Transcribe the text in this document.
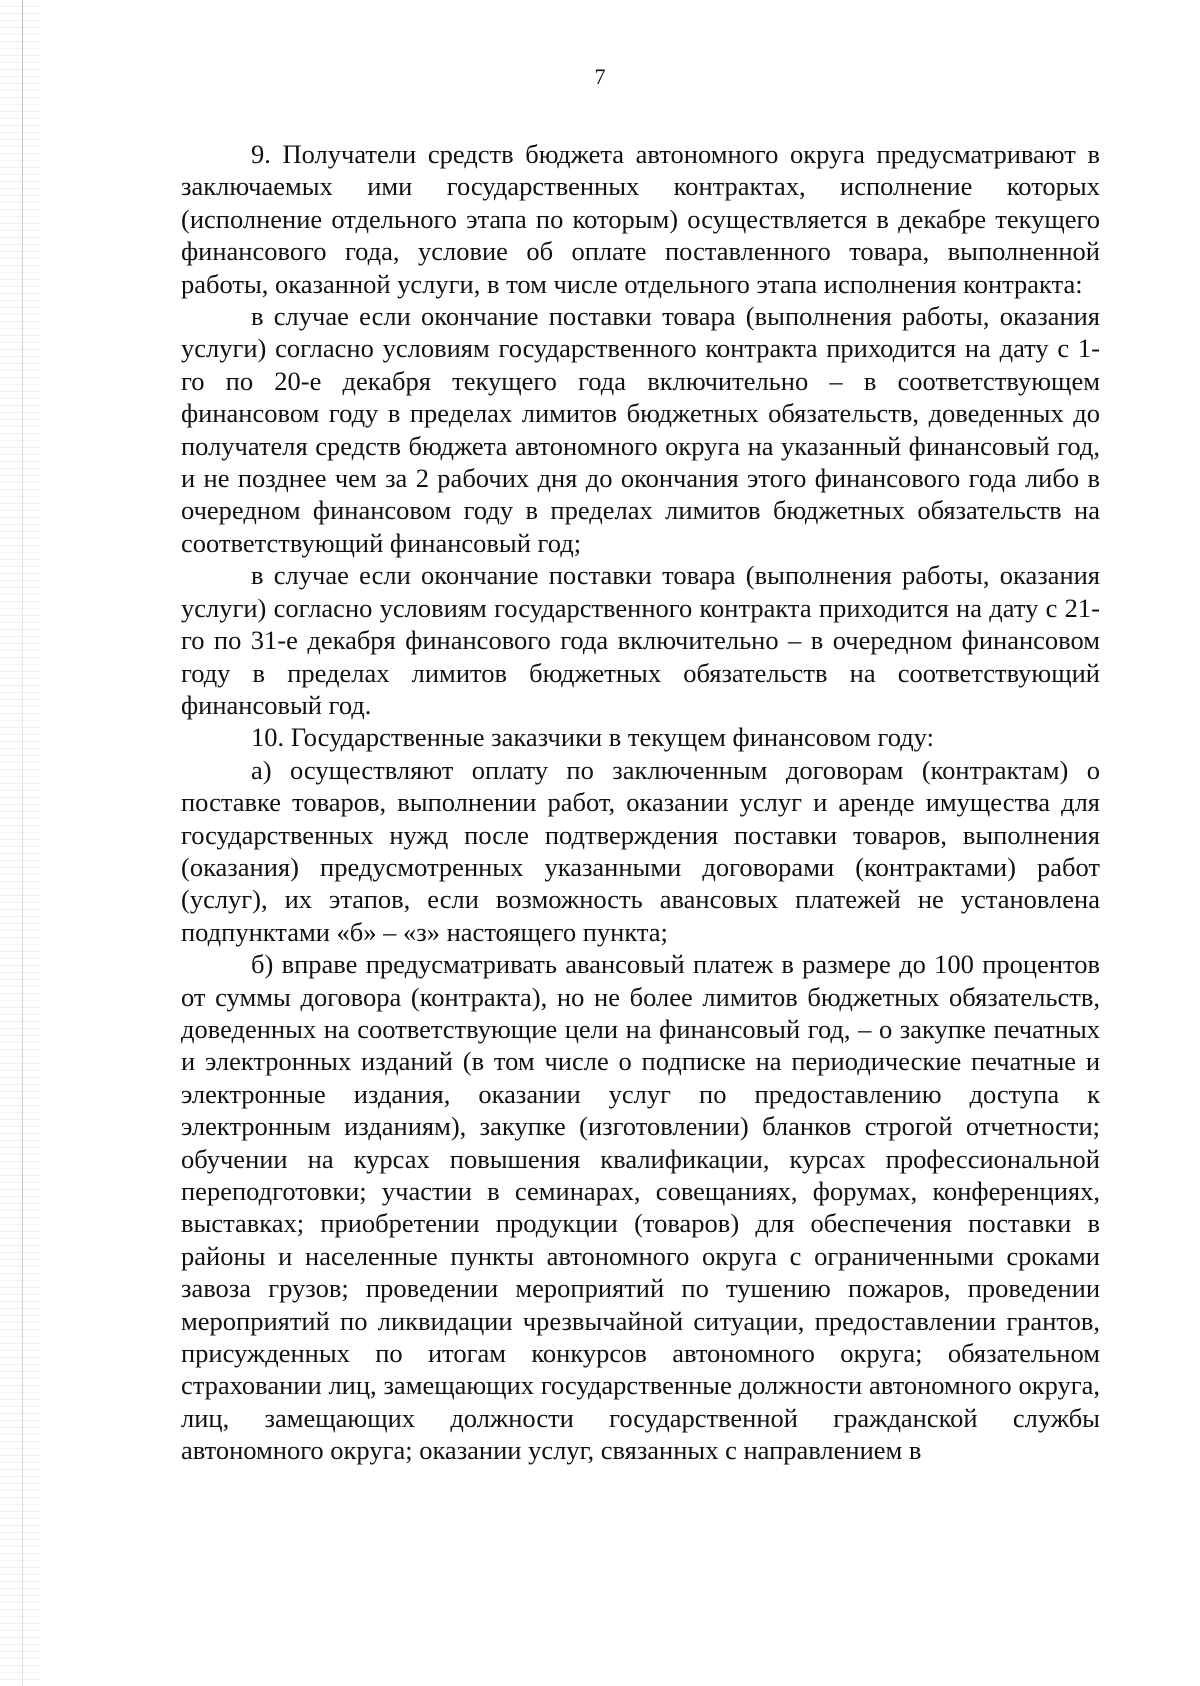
7

9. Получатели средств бюджета автономного округа предусматривают в заключаемых ими государственных контрактах, исполнение которых (исполнение отдельного этапа по которым) осуществляется в декабре текущего финансового года, условие об оплате поставленного товара, выполненной работы, оказанной услуги, в том числе отдельного этапа исполнения контракта:

в случае если окончание поставки товара (выполнения работы, оказания услуги) согласно условиям государственного контракта приходится на дату с 1-го по 20-е декабря текущего года включительно – в соответствующем финансовом году в пределах лимитов бюджетных обязательств, доведенных до получателя средств бюджета автономного округа на указанный финансовый год, и не позднее чем за 2 рабочих дня до окончания этого финансового года либо в очередном финансовом году в пределах лимитов бюджетных обязательств на соответствующий финансовый год;

в случае если окончание поставки товара (выполнения работы, оказания услуги) согласно условиям государственного контракта приходится на дату с 21-го по 31-е декабря финансового года включительно – в очередном финансовом году в пределах лимитов бюджетных обязательств на соответствующий финансовый год.

10. Государственные заказчики в текущем финансовом году:

а) осуществляют оплату по заключенным договорам (контрактам) о поставке товаров, выполнении работ, оказании услуг и аренде имущества для государственных нужд после подтверждения поставки товаров, выполнения (оказания) предусмотренных указанными договорами (контрактами) работ (услуг), их этапов, если возможность авансовых платежей не установлена подпунктами «б» – «з» настоящего пункта;

б) вправе предусматривать авансовый платеж в размере до 100 процентов от суммы договора (контракта), но не более лимитов бюджетных обязательств, доведенных на соответствующие цели на финансовый год, – о закупке печатных и электронных изданий (в том числе о подписке на периодические печатные и электронные издания, оказании услуг по предоставлению доступа к электронным изданиям), закупке (изготовлении) бланков строгой отчетности; обучении на курсах повышения квалификации, курсах профессиональной переподготовки; участии в семинарах, совещаниях, форумах, конференциях, выставках; приобретении продукции (товаров) для обеспечения поставки в районы и населенные пункты автономного округа с ограниченными сроками завоза грузов; проведении мероприятий по тушению пожаров, проведении мероприятий по ликвидации чрезвычайной ситуации, предоставлении грантов, присужденных по итогам конкурсов автономного округа; обязательном страховании лиц, замещающих государственные должности автономного округа, лиц, замещающих должности государственной гражданской службы автономного округа; оказании услуг, связанных с направлением в
